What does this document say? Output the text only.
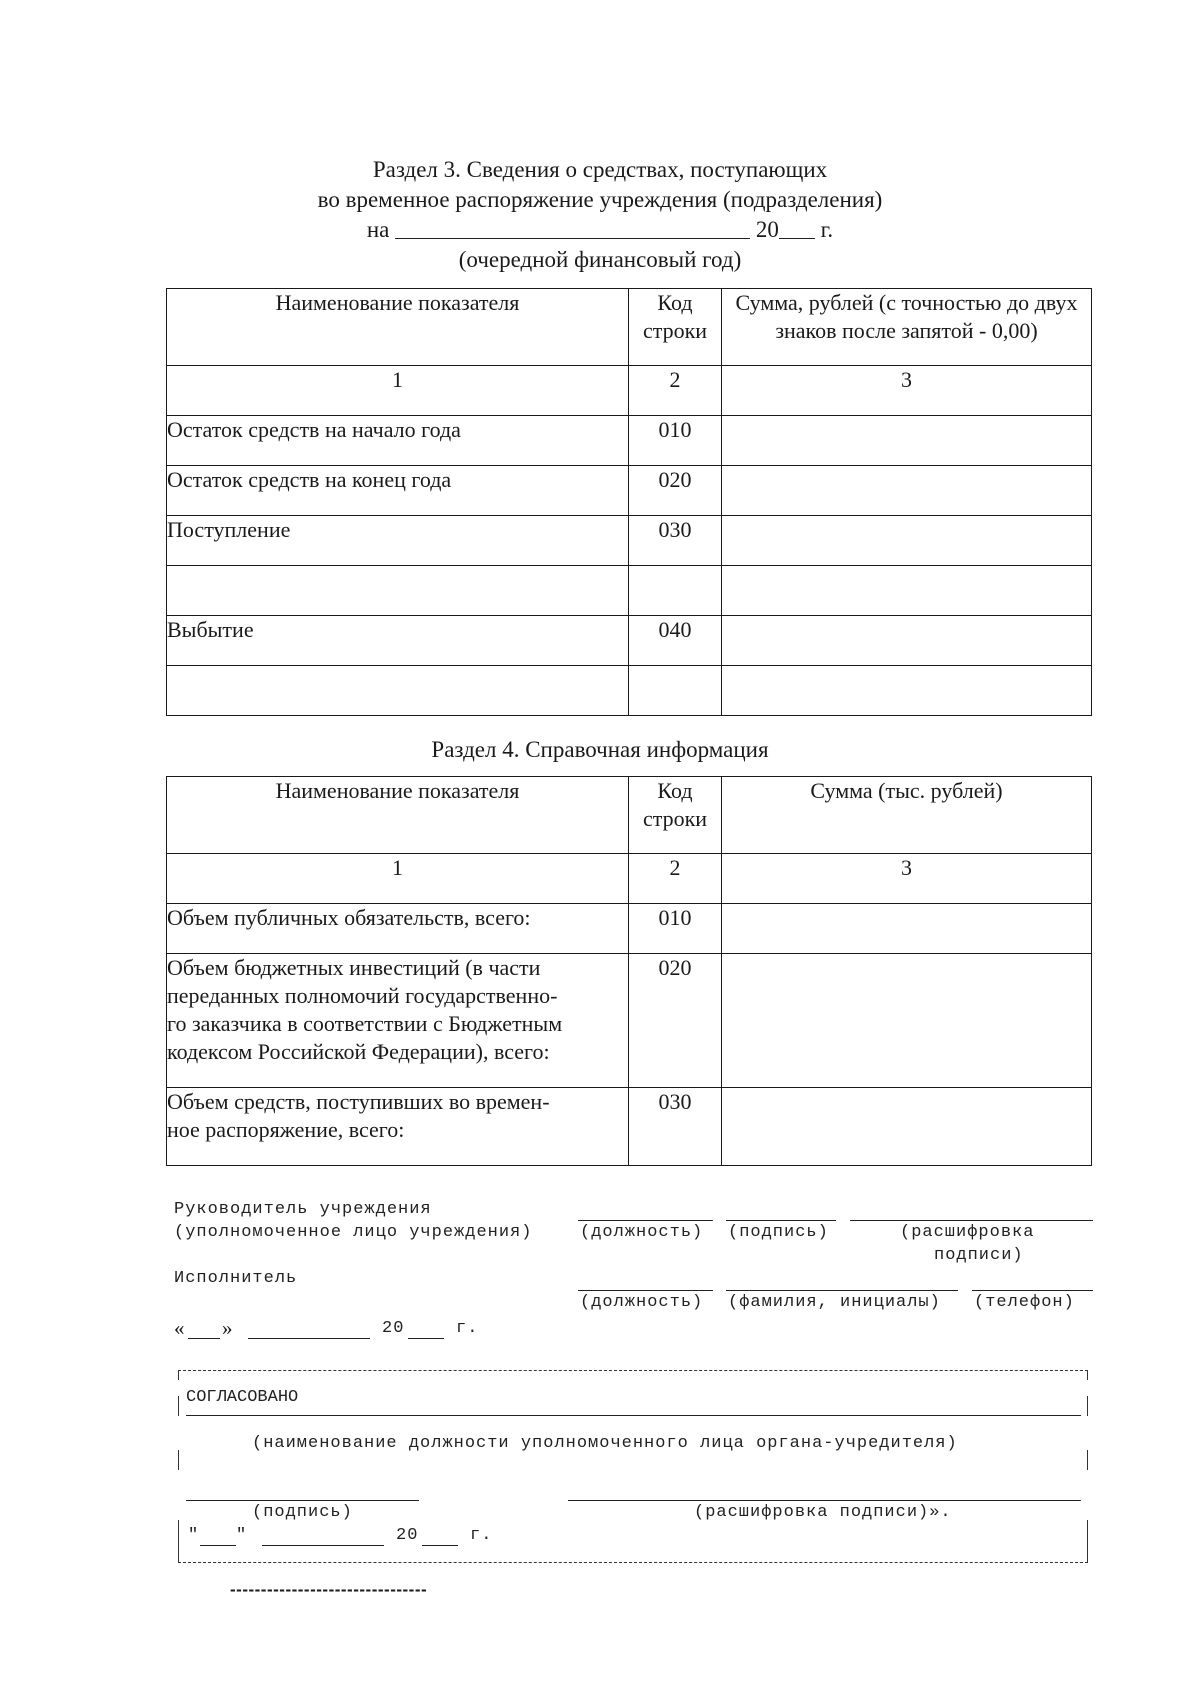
Раздел 3. Сведения о средствах, поступающих
во временное распоряжение учреждения (подразделения)
на	20 г.
(очередной финансовый год)
Наименование показателя	Код строки	Сумма, рублей (с точностью до двух знаков после запятой - 0,00)
1	2	3
Остаток средств на начало года	010	
Остаток средств на конец года	020	
Поступление	030	

Выбытие	040	

Раздел 4. Справочная информация
Наименование показателя	Код строки	Сумма (тыс. рублей)
1	2	3
Объем публичных обязательств, всего:	010	

Объем бюджетных инвестиций (в части
переданных полномочий государственно-
го заказчика в соответствии с Бюджетным
кодексом Российской Федерации), всего:	020	

Объем средств, поступивших во времен-
ное распоряжение, всего:	030	
Руководитель учреждения
(уполномоченное лицо учреждения)	(должность) (подпись)	(расшифровка
подписи)
Исполнитель
(должность) (фамилия, инициалы) (телефон)
« »	20	г.
СОГЛАСОВАНО
(наименование должности уполномоченного лица органа-учредителя)
(подпись)	(расшифровка подписи)».
" "	20	г.
--------------------------------
